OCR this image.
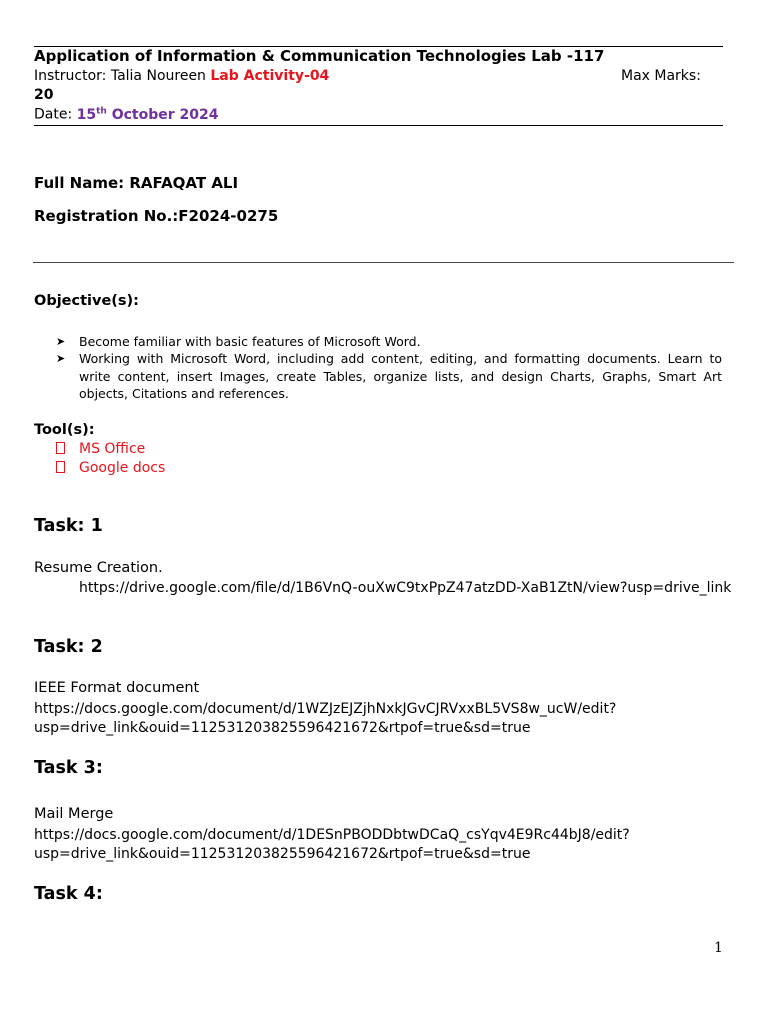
Application of Information & Communication Technologies Lab -117
Instructor: Talia Noureen Lab Activity-04	Max Marks:
20
Date: 15th October 2024
Full Name: RAFAQAT ALI
Registration No.:F2024-0275
Objective(s):
➤ Become familiar with basic features of Microsoft Word.
➤ Working with Microsoft Word, including add content, editing, and formatting documents. Learn to write content, insert Images, create Tables, organize lists, and design Charts, Graphs, Smart Art objects, Citations and references.
Tool(s):
MS Office
Google docs
Task: 1
Resume Creation.
https://drive.google.com/file/d/1B6VnQ-ouXwC9txPpZ47atzDD-XaB1ZtN/view?usp=drive_link
Task: 2
IEEE Format document
https://docs.google.com/document/d/1WZJzEJZjhNxkJGvCJRVxxBL5VS8w_ucW/edit?
usp=drive_link&ouid=112531203825596421672&rtpof=true&sd=true
Task 3:
Mail Merge
https://docs.google.com/document/d/1DESnPBODDbtwDCaQ_csYqv4E9Rc44bJ8/edit?
usp=drive_link&ouid=112531203825596421672&rtpof=true&sd=true
Task 4:
1
